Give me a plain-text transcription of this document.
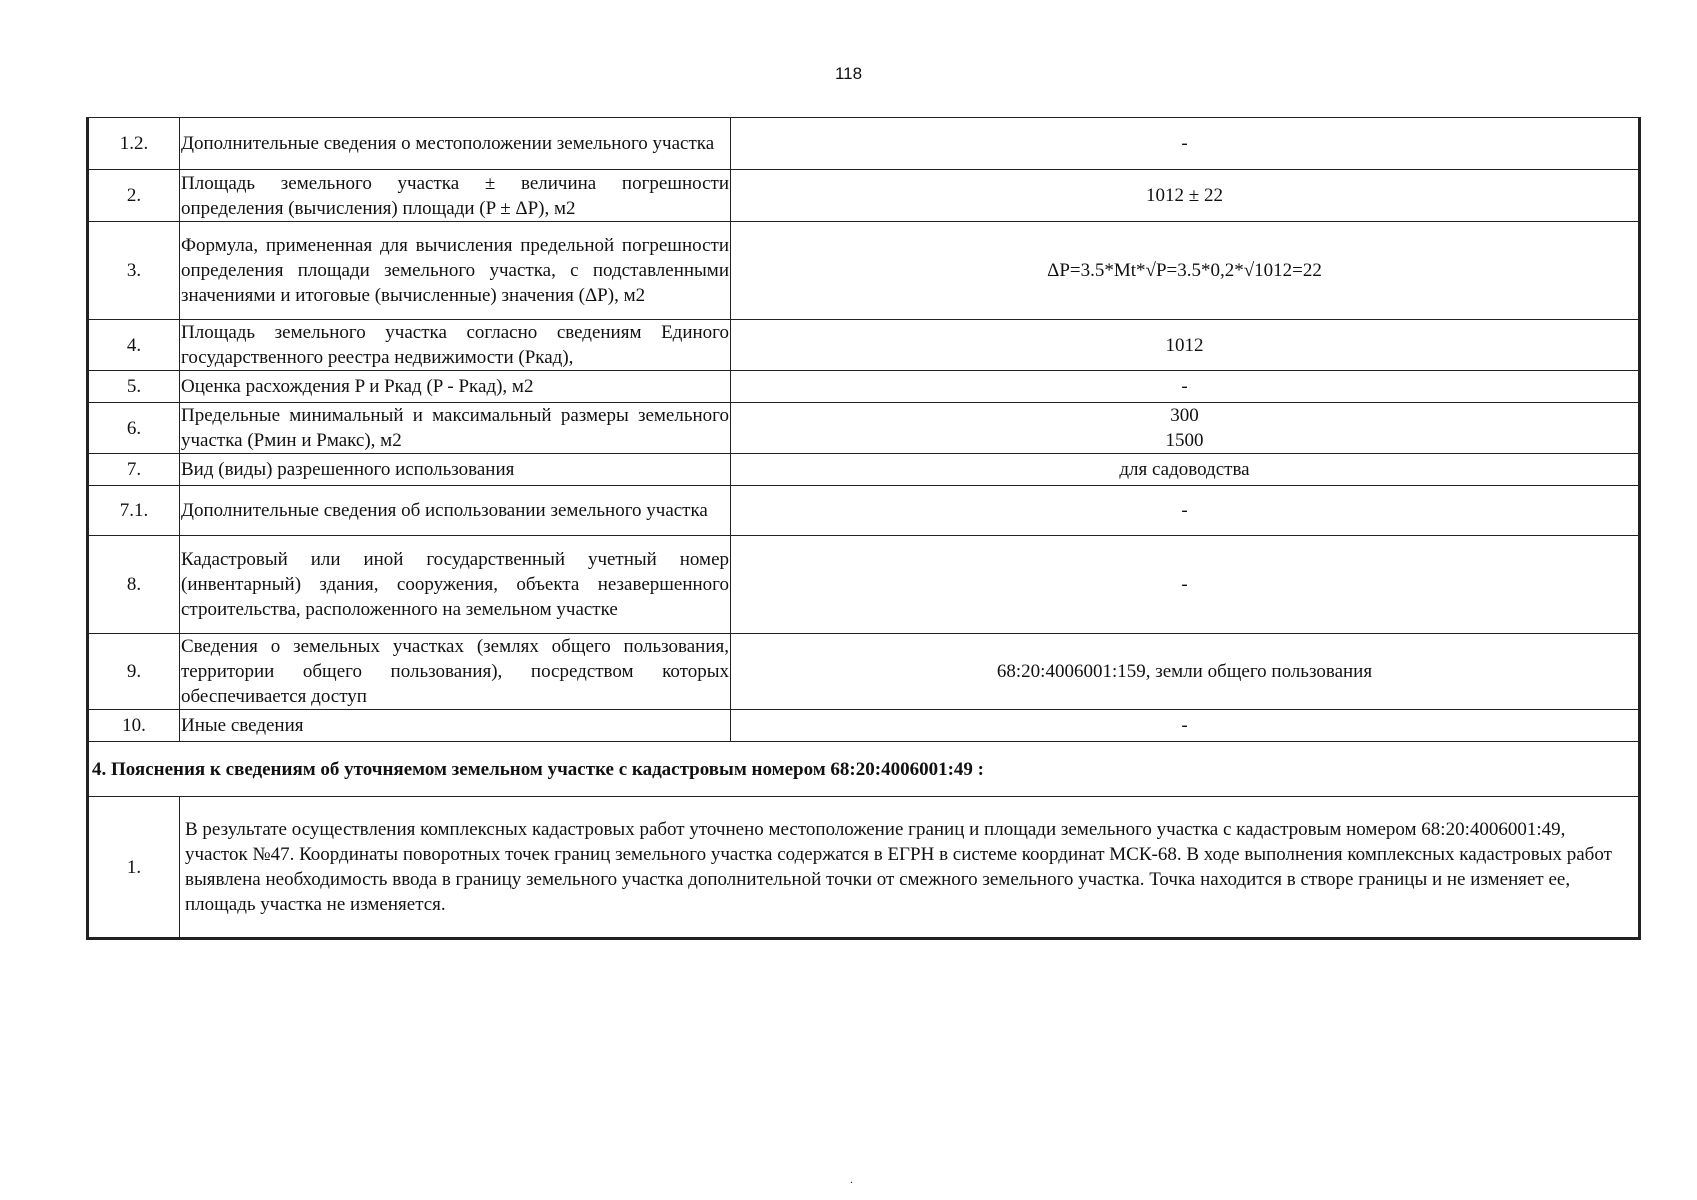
118
1.2.	Дополнительные сведения о местоположении земельного участка	-

2.	Площадь земельного участка ± величина погрешности определения (вычисления) площади (P ± ΔP), м2	1012 ± 22

3.	Формула, примененная для вычисления предельной погрешности определения площади земельного участка, с подставленными значениями и итоговые (вычисленные) значения (ΔP), м2	ΔP=3.5*Mt*√P=3.5*0,2*√1012=22

4.	Площадь земельного участка согласно сведениям Единого государственного реестра недвижимости (Ркад),	1012

5.	Оценка расхождения P и Ркад (P - Ркад), м2	-

6.	Предельные минимальный и максимальный размеры земельного участка (Рмин и Рмакс), м2	300
1500

7.	Вид (виды) разрешенного использования	для садоводства

7.1.	Дополнительные сведения об использовании земельного участка	-

8.	Кадастровый или иной государственный учетный номер (инвентарный) здания, сооружения, объекта незавершенного строительства, расположенного на земельном участке	-

9.	Сведения о земельных участках (землях общего пользования, территории общего пользования), посредством которых обеспечивается доступ	68:20:4006001:159, земли общего пользования

10.	Иные сведения	-

4. Пояснения к сведениям об уточняемом земельном участке с кадастровым номером 68:20:4006001:49 :		
1.	В результате осуществления комплексных кадастровых работ уточнено местоположение границ и площади земельного участка с кадастровым номером 68:20:4006001:49, участок №47. Координаты поворотных точек границ земельного участка содержатся в ЕГРН в системе координат МСК-68. В ходе выполнения комплексных кадастровых работ выявлена необходимость ввода в границу земельного участка дополнительной точки от смежного земельного участка. Точка находится в створе границы и не изменяет ее, площадь участка не изменяется.	
.
